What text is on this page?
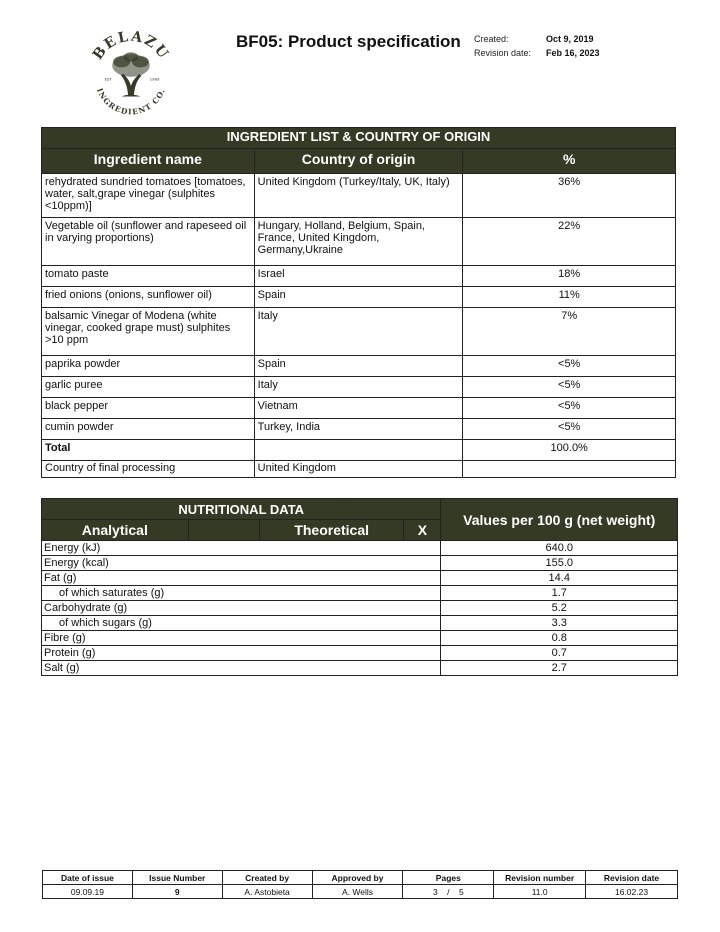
BELAZU
INGREDIENT CO.
EST	1989
BF05: Product specification Created:	Oct 9, 2019
Revision date: Feb 16, 2023
INGREDIENT LIST & COUNTRY OF ORIGIN		
Ingredient name	Country of origin	%
rehydrated sundried tomatoes [tomatoes, water, salt,grape vinegar (sulphites <10ppm)]	United Kingdom (Turkey/Italy, UK, Italy)	36%
Vegetable oil (sunflower and rapeseed oil in varying proportions)	Hungary, Holland, Belgium, Spain, France, United Kingdom, Germany,Ukraine	22%
tomato paste	Israel	18%
fried onions (onions, sunflower oil)	Spain	11%
balsamic Vinegar of Modena (white vinegar, cooked grape must) sulphites >10 ppm	Italy	7%
paprika powder	Spain	<5%
garlic puree	Italy	<5%
black pepper	Vietnam	<5%
cumin powder	Turkey, India	<5%
Total		100.0%
Country of final processing	United Kingdom	
NUTRITIONAL DATA				Values per 100 g (net weight)
Analytical		Theoretical	X	
Energy (kJ)				640.0
Energy (kcal)				155.0
Fat (g)				14.4
of which saturates (g)				1.7
Carbohydrate (g)				5.2
of which sugars (g)				3.3
Fibre (g)				0.8
Protein (g)				0.7
Salt (g)				2.7
Date of issue	Issue Number	Created by	Approved by	Pages	Revision number	Revision date
09.09.19	9	A. Astobieta	A. Wells	3 / 5	11.0	16.02.23
